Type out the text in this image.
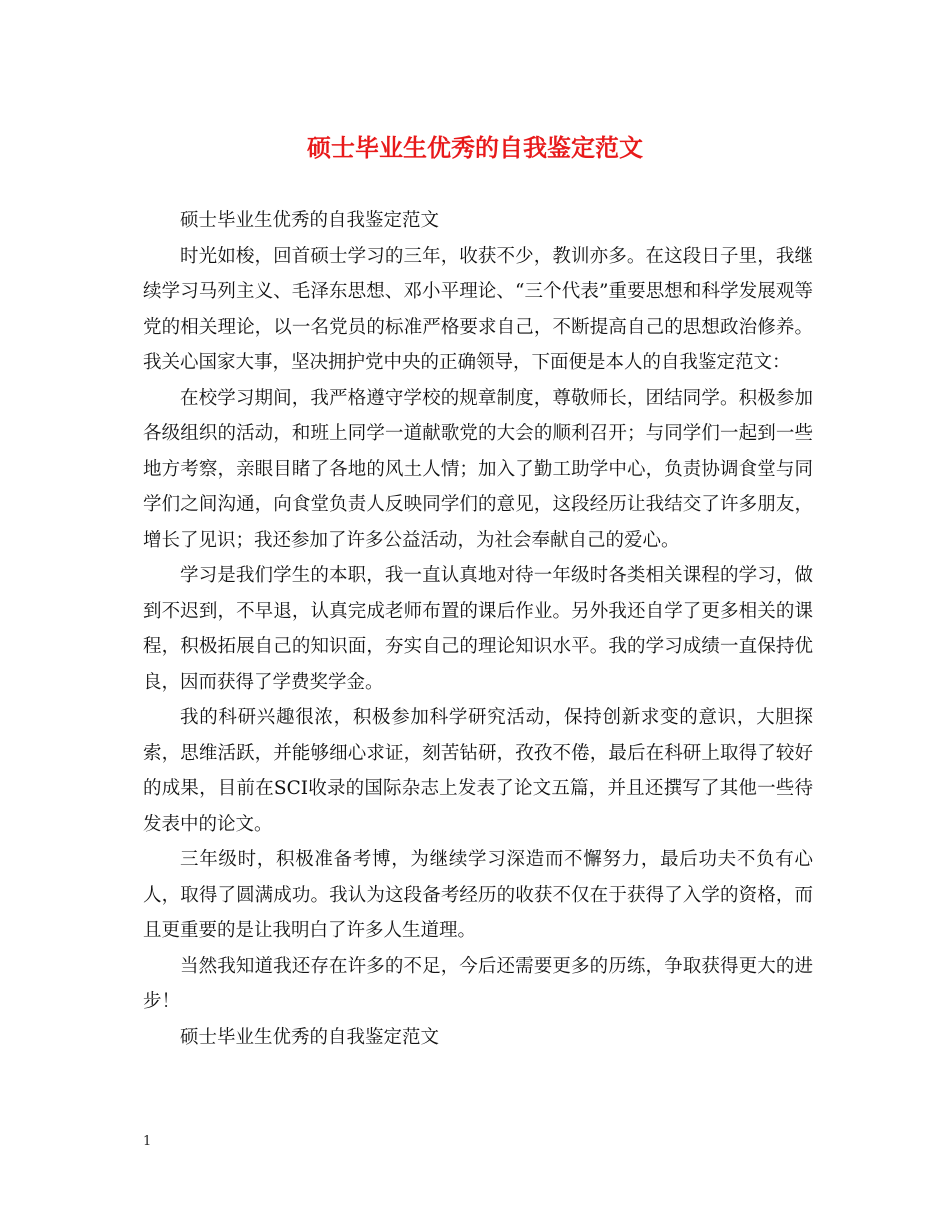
硕士毕业生优秀的自我鉴定范文

硕士毕业生优秀的自我鉴定范文

时光如梭，回首硕士学习的三年，收获不少，教训亦多。在这段日子里，我继续学习马列主义、毛泽东思想、邓小平理论、“三个代表”重要思想和科学发展观等党的相关理论，以一名党员的标准严格要求自己，不断提高自己的思想政治修养。我关心国家大事，坚决拥护党中央的正确领导，下面便是本人的自我鉴定范文：

在校学习期间，我严格遵守学校的规章制度，尊敬师长，团结同学。积极参加各级组织的活动，和班上同学一道献歌党的大会的顺利召开；与同学们一起到一些地方考察，亲眼目睹了各地的风土人情；加入了勤工助学中心，负责协调食堂与同学们之间沟通，向食堂负责人反映同学们的意见，这段经历让我结交了许多朋友，增长了见识；我还参加了许多公益活动，为社会奉献自己的爱心。

学习是我们学生的本职，我一直认真地对待一年级时各类相关课程的学习，做到不迟到，不早退，认真完成老师布置的课后作业。另外我还自学了更多相关的课程，积极拓展自己的知识面，夯实自己的理论知识水平。我的学习成绩一直保持优良，因而获得了学费奖学金。

我的科研兴趣很浓，积极参加科学研究活动，保持创新求变的意识，大胆探索，思维活跃，并能够细心求证，刻苦钻研，孜孜不倦，最后在科研上取得了较好的成果，目前在SCI收录的国际杂志上发表了论文五篇，并且还撰写了其他一些待发表中的论文。

三年级时，积极准备考博，为继续学习深造而不懈努力，最后功夫不负有心人，取得了圆满成功。我认为这段备考经历的收获不仅在于获得了入学的资格，而且更重要的是让我明白了许多人生道理。

当然我知道我还存在许多的不足，今后还需要更多的历练，争取获得更大的进步！

硕士毕业生优秀的自我鉴定范文

1
